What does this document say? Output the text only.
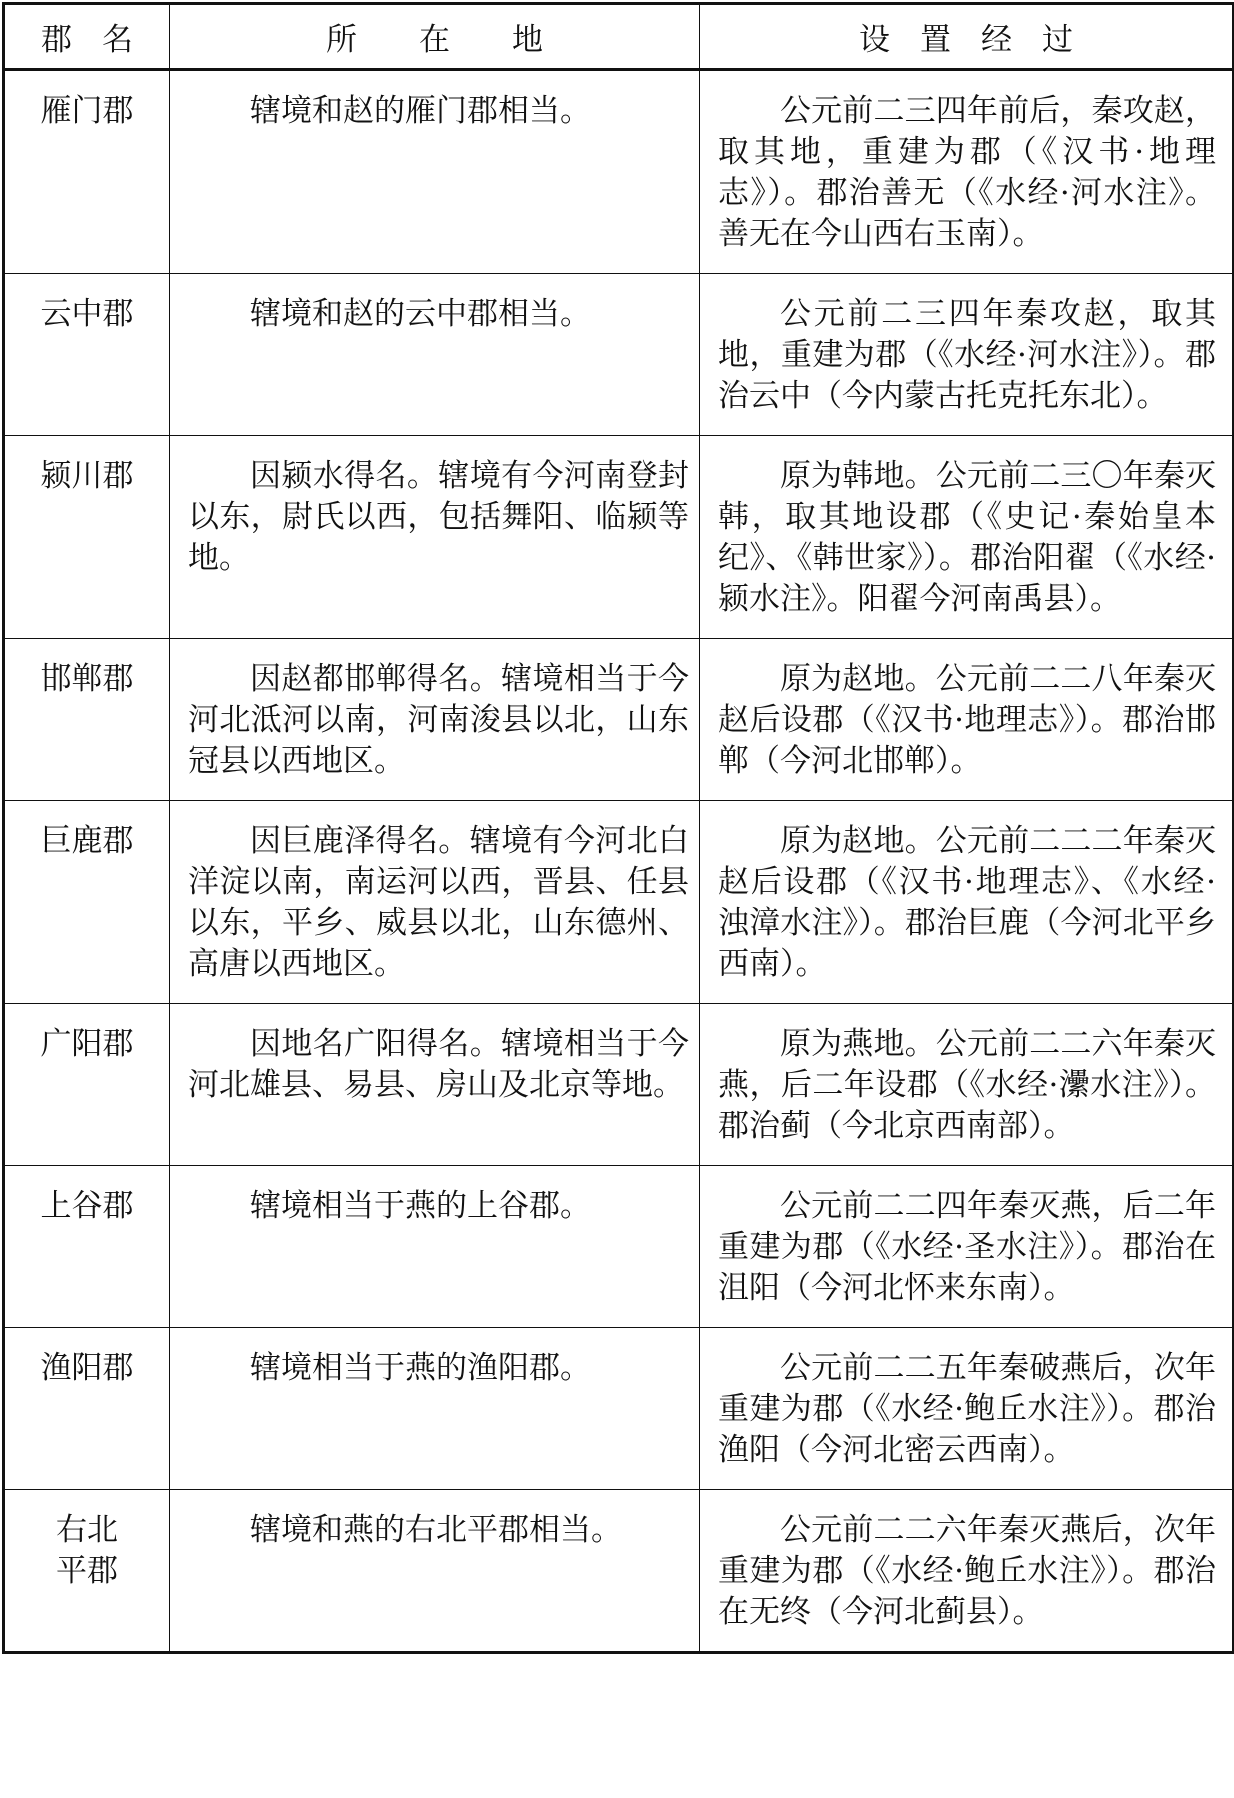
郡名	所在地	设置经过

雁门郡	辖境和赵的雁门郡相当。	公元前二三四年前后，秦攻赵，取其地，重建为郡（《汉书·地理志》）。郡治善无（《水经·河水注》。善无在今山西右玉南）。

云中郡	辖境和赵的云中郡相当。	公元前二三四年秦攻赵，取其地，重建为郡（《水经·河水注》）。郡治云中（今内蒙古托克托东北）。

颍川郡	因颍水得名。辖境有今河南登封以东，尉氏以西，包括舞阳、临颍等地。	原为韩地。公元前二三〇年秦灭韩，取其地设郡（《史记·秦始皇本纪》、《韩世家》）。郡治阳翟（《水经·颍水注》。阳翟今河南禹县）。

邯郸郡	因赵都邯郸得名。辖境相当于今河北泜河以南，河南浚县以北，山东冠县以西地区。	原为赵地。公元前二二八年秦灭赵后设郡（《汉书·地理志》）。郡治邯郸（今河北邯郸）。

巨鹿郡	因巨鹿泽得名。辖境有今河北白洋淀以南，南运河以西，晋县、任县以东，平乡、威县以北，山东德州、高唐以西地区。	原为赵地。公元前二二二年秦灭赵后设郡（《汉书·地理志》、《水经·浊漳水注》）。郡治巨鹿（今河北平乡西南）。

广阳郡	因地名广阳得名。辖境相当于今河北雄县、易县、房山及北京等地。	原为燕地。公元前二二六年秦灭燕，后二年设郡（《水经·㶟水注》）。郡治蓟（今北京西南部）。

上谷郡	辖境相当于燕的上谷郡。	公元前二二四年秦灭燕，后二年重建为郡（《水经·圣水注》）。郡治在沮阳（今河北怀来东南）。

渔阳郡	辖境相当于燕的渔阳郡。	公元前二二五年秦破燕后，次年重建为郡（《水经·鲍丘水注》）。郡治渔阳（今河北密云西南）。

右北
平郡	辖境和燕的右北平郡相当。	公元前二二六年秦灭燕后，次年重建为郡（《水经·鲍丘水注》）。郡治在无终（今河北蓟县）。
